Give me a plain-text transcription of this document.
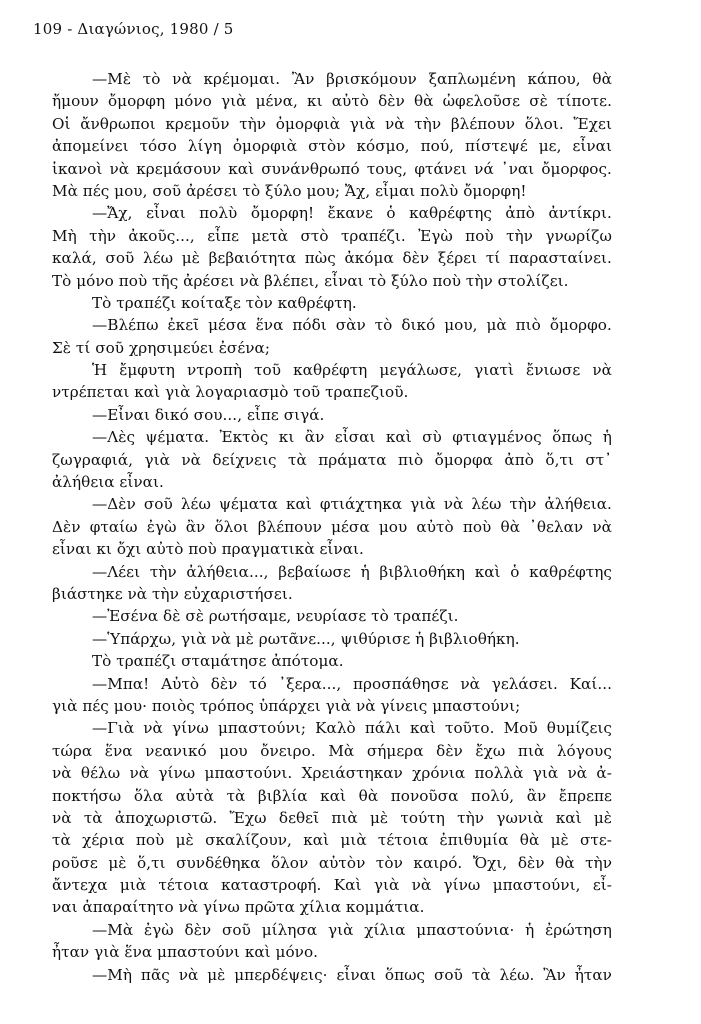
109 - Διαγώνιος, 1980 / 5
—Μὲ τὸ νὰ κρέμομαι. Ἂν βρισκόμουν ξαπλωμένη κάπου, θὰ
ἤμουν ὄμορφη μόνο γιὰ μένα, κι αὐτὸ δὲν θὰ ὠφελοῦσε σὲ τίποτε.
Οἱ ἄνθρωποι κρεμοῦν τὴν ὀμορφιὰ γιὰ νὰ τὴν βλέπουν ὅλοι. Ἔχει
ἀπομείνει τόσο λίγη ὀμορφιὰ στὸν κόσμο, πού, πίστεψέ με, εἶναι
ἱκανοὶ νὰ κρεμάσουν καὶ συνάνθρωπό τους, φτάνει νά ᾿ναι ὄμορφος.
Μὰ πές μου, σοῦ ἀρέσει τὸ ξύλο μου; Ἄχ, εἶμαι πολὺ ὄμορφη!
—Ἄχ, εἶναι πολὺ ὄμορφη! ἔκανε ὁ καθρέφτης ἀπὸ ἀντίκρι.
Μὴ τὴν ἀκοῦς..., εἶπε μετὰ στὸ τραπέζι. Ἐγὼ ποὺ τὴν γνωρίζω
καλά, σοῦ λέω μὲ βεβαιότητα πὼς ἀκόμα δὲν ξέρει τί παρασταίνει.
Τὸ μόνο ποὺ τῆς ἀρέσει νὰ βλέπει, εἶναι τὸ ξύλο ποὺ τὴν στολίζει.
Τὸ τραπέζι κοίταξε τὸν καθρέφτη.
—Βλέπω ἐκεῖ μέσα ἕνα πόδι σὰν τὸ δικό μου, μὰ πιὸ ὄμορφο.
Σὲ τί σοῦ χρησιμεύει ἐσένα;
Ἡ ἔμφυτη ντροπὴ τοῦ καθρέφτη μεγάλωσε, γιατὶ ἔνιωσε νὰ
ντρέπεται καὶ γιὰ λογαριασμὸ τοῦ τραπεζιοῦ.
—Εἶναι δικό σου..., εἶπε σιγά.
—Λὲς ψέματα. Ἐκτὸς κι ἂν εἶσαι καὶ σὺ φτιαγμένος ὅπως ἡ
ζωγραφιά, γιὰ νὰ δείχνεις τὰ πράματα πιὸ ὄμορφα ἀπὸ ὅ,τι στ᾿
ἀλήθεια εἶναι.
—Δὲν σοῦ λέω ψέματα καὶ φτιάχτηκα γιὰ νὰ λέω τὴν ἀλήθεια.
Δὲν φταίω ἐγὼ ἂν ὅλοι βλέπουν μέσα μου αὐτὸ ποὺ θὰ ᾿θελαν νὰ
εἶναι κι ὄχι αὐτὸ ποὺ πραγματικὰ εἶναι.
—Λέει τὴν ἀλήθεια..., βεβαίωσε ἡ βιβλιοθήκη καὶ ὁ καθρέφτης
βιάστηκε νὰ τὴν εὐχαριστήσει.
—Ἐσένα δὲ σὲ ρωτήσαμε, νευρίασε τὸ τραπέζι.
—Ὑπάρχω, γιὰ νὰ μὲ ρωτᾶνε..., ψιθύρισε ἡ βιβλιοθήκη.
Τὸ τραπέζι σταμάτησε ἀπότομα.
—Μπα! Αὐτὸ δὲν τό ᾿ξερα..., προσπάθησε νὰ γελάσει. Καί...
γιὰ πές μου· ποιὸς τρόπος ὑπάρχει γιὰ νὰ γίνεις μπαστούνι;
—Γιὰ νὰ γίνω μπαστούνι; Καλὸ πάλι καὶ τοῦτο. Μοῦ θυμίζεις
τώρα ἕνα νεανικό μου ὄνειρο. Μὰ σήμερα δὲν ἔχω πιὰ λόγους
νὰ θέλω νὰ γίνω μπαστούνι. Χρειάστηκαν χρόνια πολλὰ γιὰ νὰ ἀ-
ποκτήσω ὅλα αὐτὰ τὰ βιβλία καὶ θὰ πονοῦσα πολύ, ἂν ἔπρεπε
νὰ τὰ ἀποχωριστῶ. Ἔχω δεθεῖ πιὰ μὲ τούτη τὴν γωνιὰ καὶ μὲ
τὰ χέρια ποὺ μὲ σκαλίζουν, καὶ μιὰ τέτοια ἐπιθυμία θὰ μὲ στε-
ροῦσε μὲ ὅ,τι συνδέθηκα ὅλον αὐτὸν τὸν καιρό. Ὄχι, δὲν θὰ τὴν
ἄντεχα μιὰ τέτοια καταστροφή. Καὶ γιὰ νὰ γίνω μπαστούνι, εἶ-
ναι ἀπαραίτητο νὰ γίνω πρῶτα χίλια κομμάτια.
—Μὰ ἐγὼ δὲν σοῦ μίλησα γιὰ χίλια μπαστούνια· ἡ ἐρώτηση
ἦταν γιὰ ἕνα μπαστούνι καὶ μόνο.
—Μὴ πᾶς νὰ μὲ μπερδέψεις· εἶναι ὅπως σοῦ τὰ λέω. Ἂν ἦταν
